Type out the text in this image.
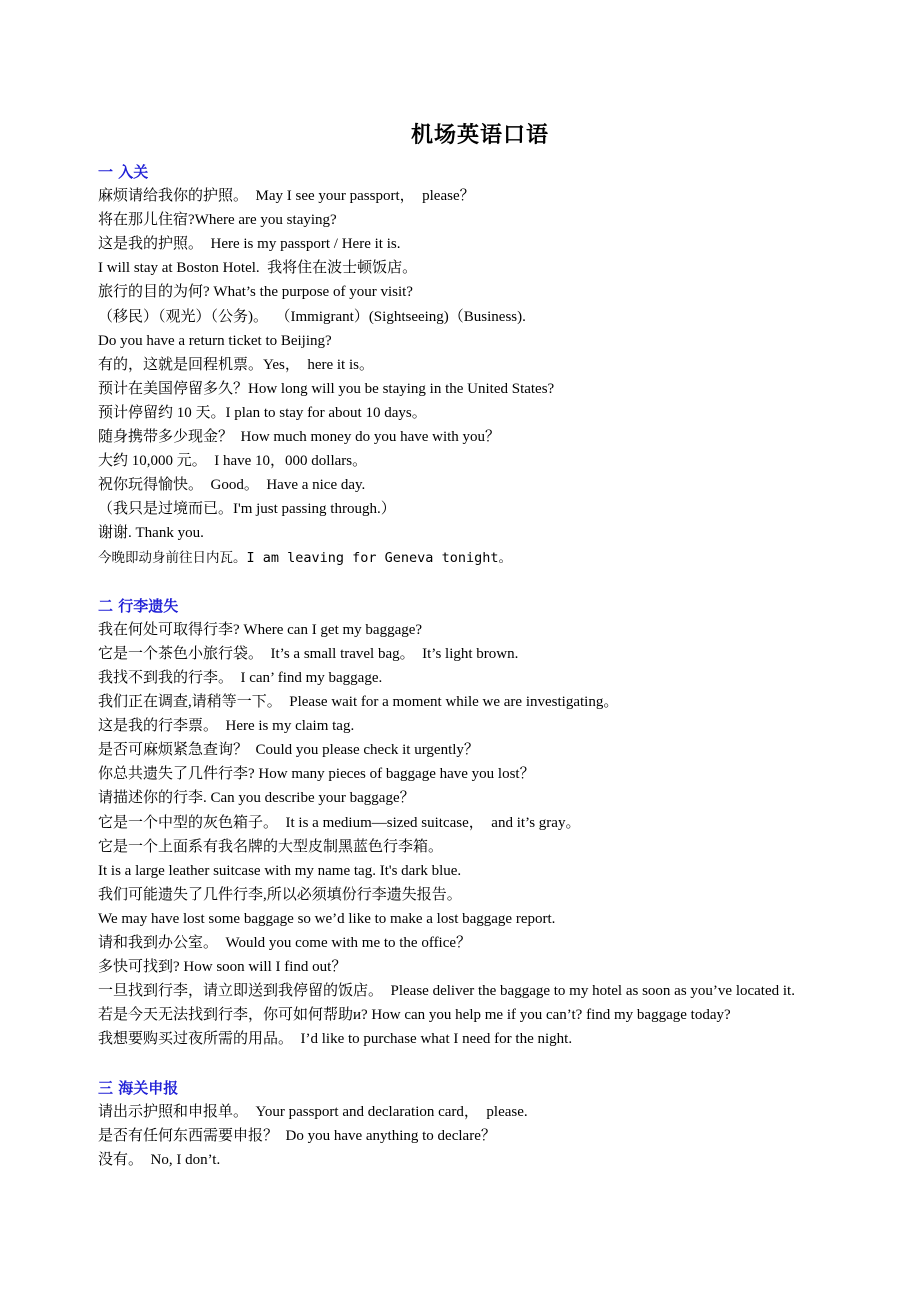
机场英语口语
一 入关
麻烦请给我你的护照。  May I see your passport，  please？
将在那儿住宿?Where are you staying?
这是我的护照。  Here is my passport / Here it is.
I will stay at Boston Hotel.  我将住在波士顿饭店。
旅行的目的为何? What’s the purpose of your visit?
（移民）（观光）（公务)。  （Immigrant）(Sightseeing)（Business).
Do you have a return ticket to Beijing?
有的，这就是回程机票。Yes，  here it is。
预计在美国停留多久？How long will you be staying in the United States?
预计停留约 10 天。I plan to stay for about 10 days。
随身携带多少现金？  How much money do you have with you？
大约 10,000 元。  I have 10，000 dollars。
祝你玩得愉快。  Good。  Have a nice day.
（我只是过境而已。I'm just passing through.）
谢谢. Thank you.
今晚即动身前往日内瓦。I am leaving for Geneva tonight。
二 行李遗失
我在何处可取得行李? Where can I get my baggage?
它是一个茶色小旅行袋。  It’s a small travel bag。  It’s light brown.
我找不到我的行李。  I can’ find my baggage.
我们正在调查,请稍等一下。  Please wait for a moment while we are investigating。
这是我的行李票。  Here is my claim tag.
是否可麻烦紧急查询？  Could you please check it urgently？
你总共遗失了几件行李? How many pieces of baggage have you lost？
请描述你的行李. Can you describe your baggage？
它是一个中型的灰色箱子。  It is a medium—sized suitcase，  and it’s gray。
它是一个上面系有我名牌的大型皮制黑蓝色行李箱。
It is a large leather suitcase with my name tag. It's dark blue.
我们可能遗失了几件行李,所以必须填份行李遗失报告。
We may have lost some baggage so we’d like to make a lost baggage report.
请和我到办公室。  Would you come with me to the office？
多快可找到? How soon will I find out？
一旦找到行李，请立即送到我停留的饭店。  Please deliver the baggage to my hotel as soon as you’ve located it.
若是今天无法找到行李，你可如何帮助и? How can you help me if you can’t? find my baggage today?
我想要购买过夜所需的用品。  I’d like to purchase what I need for the night.
三 海关申报
请出示护照和申报单。  Your passport and declaration card，  please.
是否有任何东西需要申报？  Do you have anything to declare？
没有。  No, I don’t.
